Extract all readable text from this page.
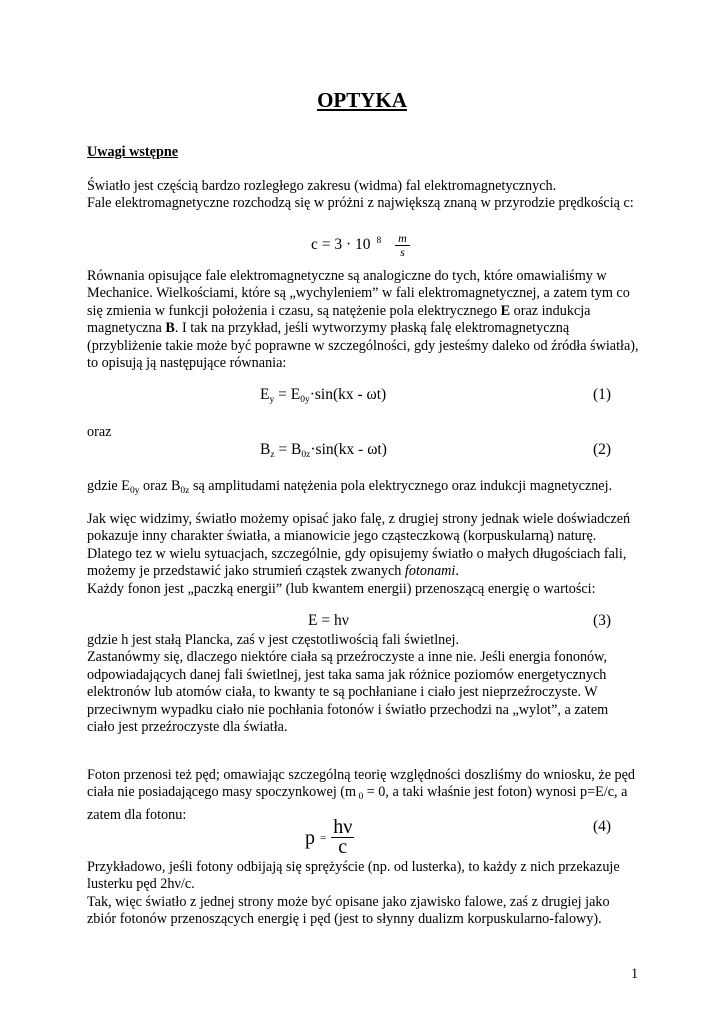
OPTYKA
Uwagi wstępne

Światło jest częścią bardzo rozległego zakresu (widma) fal elektromagnetycznych.
Fale elektromagnetyczne rozchodzą się w próżni z największą znaną w przyrodzie prędkością c:

c = 3 · 10 $^8 \frac{m}{s}$

Równania opisujące fale elektromagnetyczne są analogiczne do tych, które omawialiśmy w Mechanice. Wielkościami, które są „wychyleniem” w fali elektromagnetycznej, a zatem tym co się zmienia w funkcji położenia i czasu, są natężenie pola elektrycznego E oraz indukcja magnetyczna B. I tak na przykład, jeśli wytworzymy płaską falę elektromagnetyczną (przybliżenie takie może być poprawne w szczególności, gdy jesteśmy daleko od źródła światła), to opisują ją następujące równania:

$E_y = E_{0y}\cdot\sin(kx - \omega t)$	(1)
oraz
$B_z = B_{0z}\cdot\sin(kx - \omega t)$	(2)

gdzie $E_{0y}$ oraz $B_{0z}$ są amplitudami natężenia pola elektrycznego oraz indukcji magnetycznej.

Jak więc widzimy, światło możemy opisać jako falę, z drugiej strony jednak wiele doświadczeń pokazuje inny charakter światła, a mianowicie jego cząsteczkową (korpuskularną) naturę. Dlatego tez w wielu sytuacjach, szczególnie, gdy opisujemy światło o małych długościach fali, możemy je przedstawić jako strumień cząstek zwanych fotonami.
Każdy fonon jest „paczką energii” (lub kwantem energii) przenoszącą energię o wartości:

E = hν	(3)

gdzie h jest stałą Plancka, zaś ν jest częstotliwością fali świetlnej.
Zastanówmy się, dlaczego niektóre ciała są przeźroczyste a inne nie. Jeśli energia fononów, odpowiadających danej fali świetlnej, jest taka sama jak różnice poziomów energetycznych elektronów lub atomów ciała, to kwanty te są pochłaniane i ciało jest nieprzeźroczyste. W przeciwnym wypadku ciało nie pochłania fotonów i światło przechodzi na „wylot”, a zatem ciało jest przeźroczyste dla światła.

Foton przenosi też pęd; omawiając szczególną teorię względności doszliśmy do wniosku, że pęd ciała nie posiadającego masy spoczynkowej (m $_0$ = 0, a taki właśnie jest foton) wynosi p=E/c, a zatem dla fotonu:

$p = \frac{h\nu}{c}$	(4)

Przykładowo, jeśli fotony odbijają się sprężyście (np. od lusterka), to każdy z nich przekazuje lusterku pęd 2hν/c.

Tak, więc światło z jednej strony może być opisane jako zjawisko falowe, zaś z drugiej jako zbiór fotonów przenoszących energię i pęd (jest to słynny dualizm korpuskularno-falowy).

1
